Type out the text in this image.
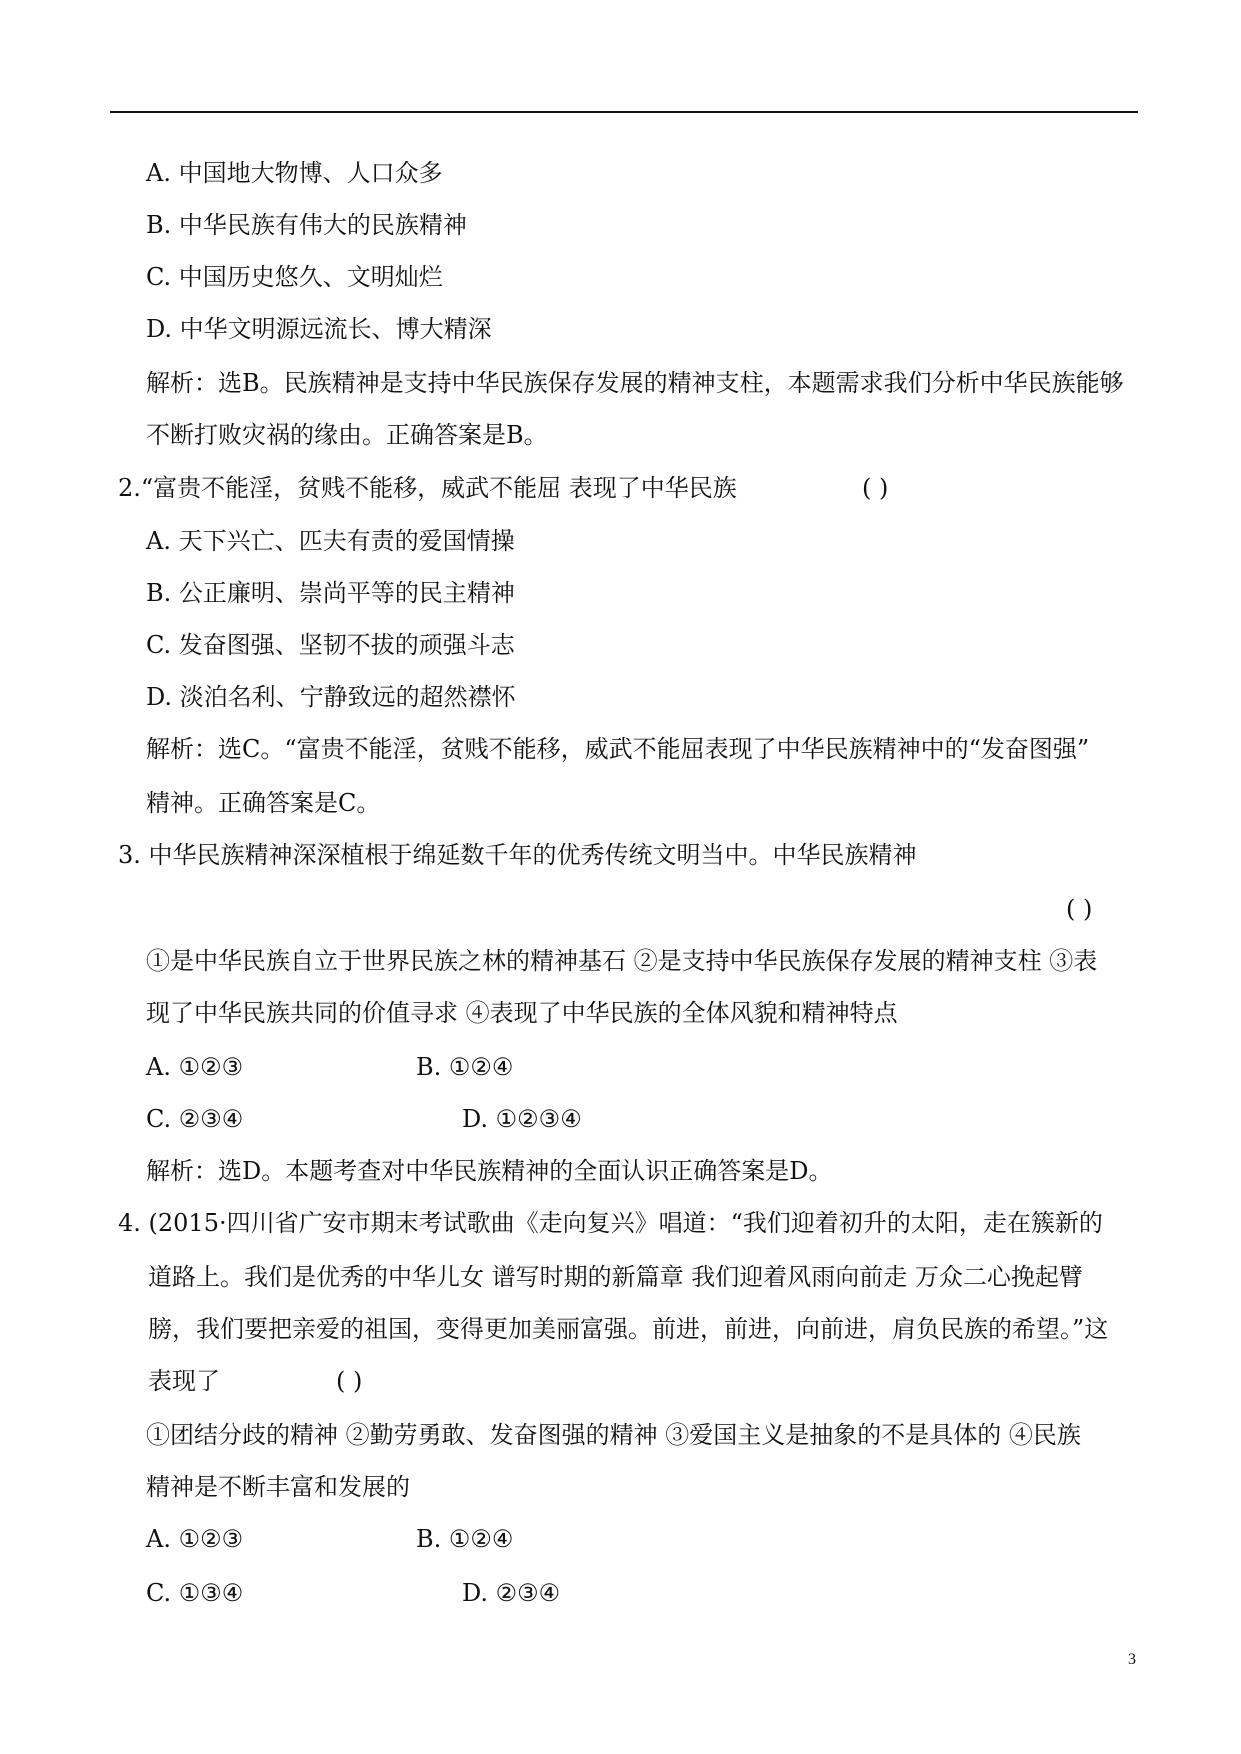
A. 中国地大物博、人口众多
B. 中华民族有伟大的民族精神
C. 中国历史悠久、文明灿烂
D. 中华文明源远流长、博大精深
解析：选B。民族精神是支持中华民族保存发展的精神支柱，本题需求我们分析中华民族能够
不断打败灾祸的缘由。正确答案是B。
2.“富贵不能淫，贫贱不能移，威武不能屈 表现了中华民族	( )
A. 天下兴亡、匹夫有责的爱国情操
B. 公正廉明、崇尚平等的民主精神
C. 发奋图强、坚韧不拔的顽强斗志
D. 淡泊名利、宁静致远的超然襟怀
解析：选C。“富贵不能淫，贫贱不能移，威武不能屈表现了中华民族精神中的“发奋图强”
精神。正确答案是C。
3. 中华民族精神深深植根于绵延数千年的优秀传统文明当中。中华民族精神
( )
①是中华民族自立于世界民族之林的精神基石 ②是支持中华民族保存发展的精神支柱 ③表
现了中华民族共同的价值寻求 ④表现了中华民族的全体风貌和精神特点
A. ①②③	B. ①②④
C. ②③④	D. ①②③④
解析：选D。本题考查对中华民族精神的全面认识正确答案是D。
4. (2015·四川省广安市期末考试歌曲《走向复兴》唱道：“我们迎着初升的太阳，走在簇新的
道路上。我们是优秀的中华儿女 谱写时期的新篇章 我们迎着风雨向前走 万众二心挽起臂
膀，我们要把亲爱的祖国，变得更加美丽富强。前进，前进，向前进，肩负民族的希望。”这
表现了	( )
①团结分歧的精神 ②勤劳勇敢、发奋图强的精神 ③爱国主义是抽象的不是具体的 ④民族
精神是不断丰富和发展的
A. ①②③	B. ①②④
C. ①③④	D. ②③④
3
